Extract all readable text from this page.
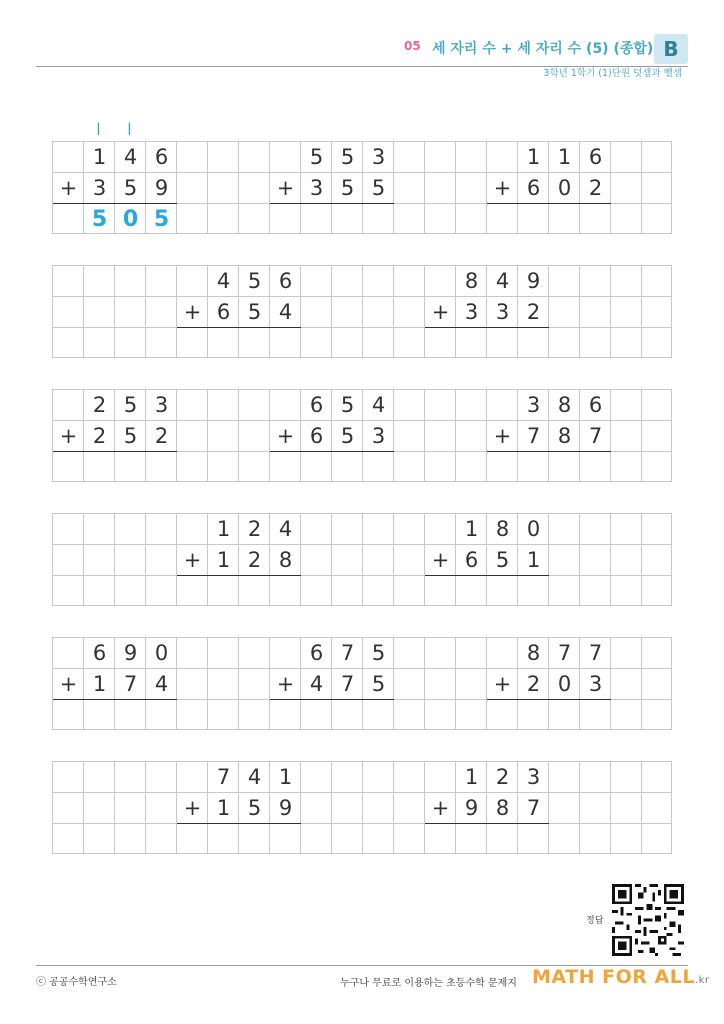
05 세 자리 수 + 세 자리 수 (5) (종합) B
3학년 1학기 (1)단원 덧셈과 뺄셈
1
3
5
4
5
0
6
9
5
+
5
3
5
5
3
5
+
1
6
1
0
6
2
+
|	|
4
6
5
5
6
4
+
8
3
4
3
9
2
+
2
2
5
5
3
2
+
6
6
5
5
4
3
+
3
7
8
8
6
7
+
1
1
2
2
4
8
+
1
6
8
5
0
1
+
6
1
9
7
0
4
+
6
4
7
7
5
5
+
8
2
7
0
7
3
+
7
1
4
5
1
9
+
1
9
2
8
3
7
+
정답
ⓒ 공공수학연구소	누구나 무료로 이용하는 초등수학 문제지 MATH FOR ALL.kr
